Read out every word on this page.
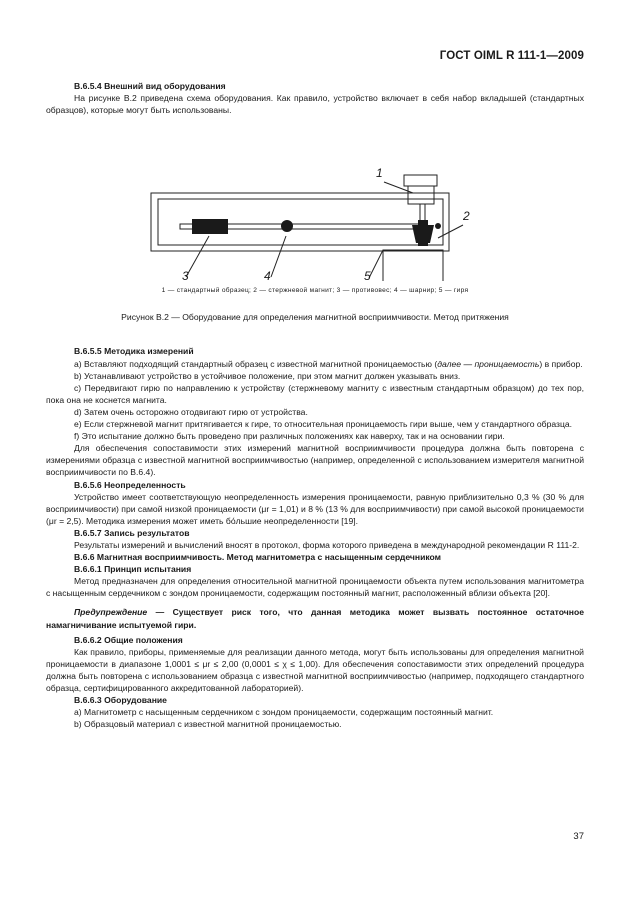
ГОСТ OIML R 111-1—2009

B.6.5.4 Внешний вид оборудования

На рисунке B.2 приведена схема оборудования. Как правило, устройство включает в себя набор вкладышей (стандартных образцов), которые могут быть использованы.

1
2
3	4	5

1 — стандартный образец; 2 — стержневой магнит; 3 — противовес; 4 — шарнир; 5 — гиря

Рисунок B.2 — Оборудование для определения магнитной восприимчивости. Метод притяжения

B.6.5.5 Методика измерений

a) Вставляют подходящий стандартный образец с известной магнитной проницаемостью (далее — проницаемость) в прибор.

b) Устанавливают устройство в устойчивое положение, при этом магнит должен указывать вниз.

c) Передвигают гирю по направлению к устройству (стержневому магниту с известным стандартным образцом) до тех пор, пока она не коснется магнита.

d) Затем очень осторожно отодвигают гирю от устройства.

e) Если стержневой магнит притягивается к гире, то относительная проницаемость гири выше, чем у стандартного образца.

f) Это испытание должно быть проведено при различных положениях как наверху, так и на основании гири.

Для обеспечения сопоставимости этих измерений магнитной восприимчивости процедура должна быть повторена с измерениями образца с известной магнитной восприимчивостью (например, определенной с использованием измерителя магнитной восприимчивости по B.6.4).

B.6.5.6 Неопределенность

Устройство имеет соответствующую неопределенность измерения проницаемости, равную приблизительно 0,3 % (30 % для восприимчивости) при самой низкой проницаемости (μr = 1,01) и 8 % (13 % для восприимчивости) при самой высокой проницаемости (μr = 2,5). Методика измерения может иметь бо́льшие неопределенности [19].

B.6.5.7 Запись результатов

Результаты измерений и вычислений вносят в протокол, форма которого приведена в международной рекомендации R 111-2.

B.6.6 Магнитная восприимчивость. Метод магнитометра с насыщенным сердечником

B.6.6.1 Принцип испытания

Метод предназначен для определения относительной магнитной проницаемости объекта путем использования магнитометра с насыщенным сердечником с зондом проницаемости, содержащим постоянный магнит, расположенный вблизи объекта [20].

Предупреждение — Существует риск того, что данная методика может вызвать постоянное остаточное намагничивание испытуемой гири.

B.6.6.2 Общие положения

Как правило, приборы, применяемые для реализации данного метода, могут быть использованы для определения магнитной проницаемости в диапазоне 1,0001 ≤ μr ≤ 2,00 (0,0001 ≤ χ ≤ 1,00). Для обеспечения сопоставимости этих определений процедура должна быть повторена с использованием образца с известной магнитной восприимчивостью (например, подходящего стандартного образца, сертифицированного аккредитованной лабораторией).

B.6.6.3 Оборудование

a) Магнитометр с насыщенным сердечником с зондом проницаемости, содержащим постоянный магнит.

b) Образцовый материал с известной магнитной проницаемостью.

37
